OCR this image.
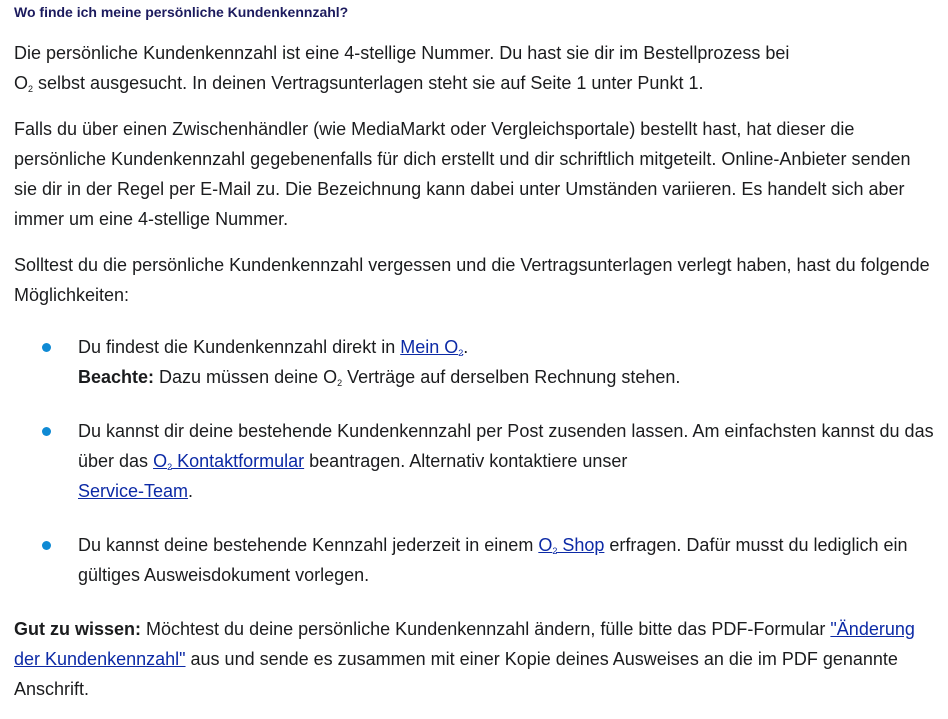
Wo finde ich meine persönliche Kundenkennzahl?

Die persönliche Kundenkennzahl ist eine 4-stellige Nummer. Du hast sie dir im Bestellprozess bei
$O_2$ selbst ausgesucht. In deinen Vertragsunterlagen steht sie auf Seite 1 unter Punkt 1.

Falls du über einen Zwischenhändler (wie MediaMarkt oder Vergleichsportale) bestellt hast, hat dieser die persönliche Kundenkennzahl gegebenenfalls für dich erstellt und dir schriftlich mitgeteilt. Online-Anbieter senden sie dir in der Regel per E-Mail zu. Die Bezeichnung kann dabei unter Umständen variieren. Es handelt sich aber immer um eine 4-stellige Nummer.

Solltest du die persönliche Kundenkennzahl vergessen und die Vertragsunterlagen verlegt haben, hast du folgende Möglichkeiten:

Du findest die Kundenkennzahl direkt in Mein $O_2$.
Beachte: Dazu müssen deine $O_2$ Verträge auf derselben Rechnung stehen.
Du kannst dir deine bestehende Kundenkennzahl per Post zusenden lassen. Am einfachsten kannst du das über das $O_2$ Kontaktformular beantragen. Alternativ kontaktiere unser
Service-Team.
Du kannst deine bestehende Kennzahl jederzeit in einem $O_2$ Shop erfragen. Dafür musst du lediglich ein gültiges Ausweisdokument vorlegen.

Gut zu wissen: Möchtest du deine persönliche Kundenkennzahl ändern, fülle bitte das PDF-Formular "Änderung der Kundenkennzahl" aus und sende es zusammen mit einer Kopie deines Ausweises an die im PDF genannte Anschrift.
